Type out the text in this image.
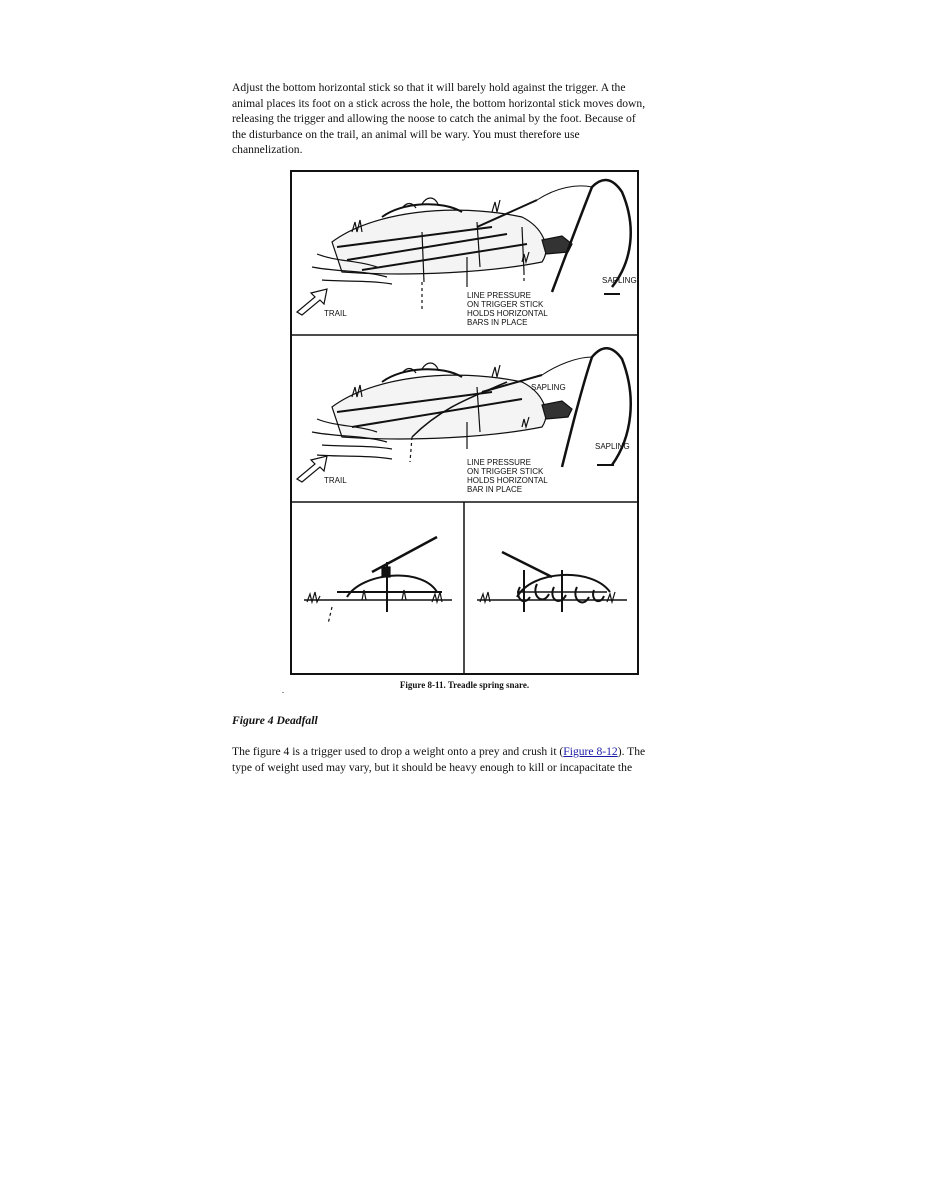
Adjust the bottom horizontal stick so that it will barely hold against the trigger. A the
animal places its foot on a stick across the hole, the bottom horizontal stick moves down,
releasing the trigger and allowing the noose to catch the animal by the foot. Because of
the disturbance on the trail, an animal will be wary. You must therefore use
channelization.
SAPLING
TRAIL
LINE PRESSURE
ON TRIGGER STICK
HOLDS HORIZONTAL
BARS IN PLACE
SAPLING
SAPLING
TRAIL
LINE PRESSURE
ON TRIGGER STICK
HOLDS HORIZONTAL
BAR IN PLACE
Figure 8-11. Treadle spring snare.

Figure 4 Deadfall

The figure 4 is a trigger used to drop a weight onto a prey and crush it (Figure 8-12). The
type of weight used may vary, but it should be heavy enough to kill or incapacitate the
